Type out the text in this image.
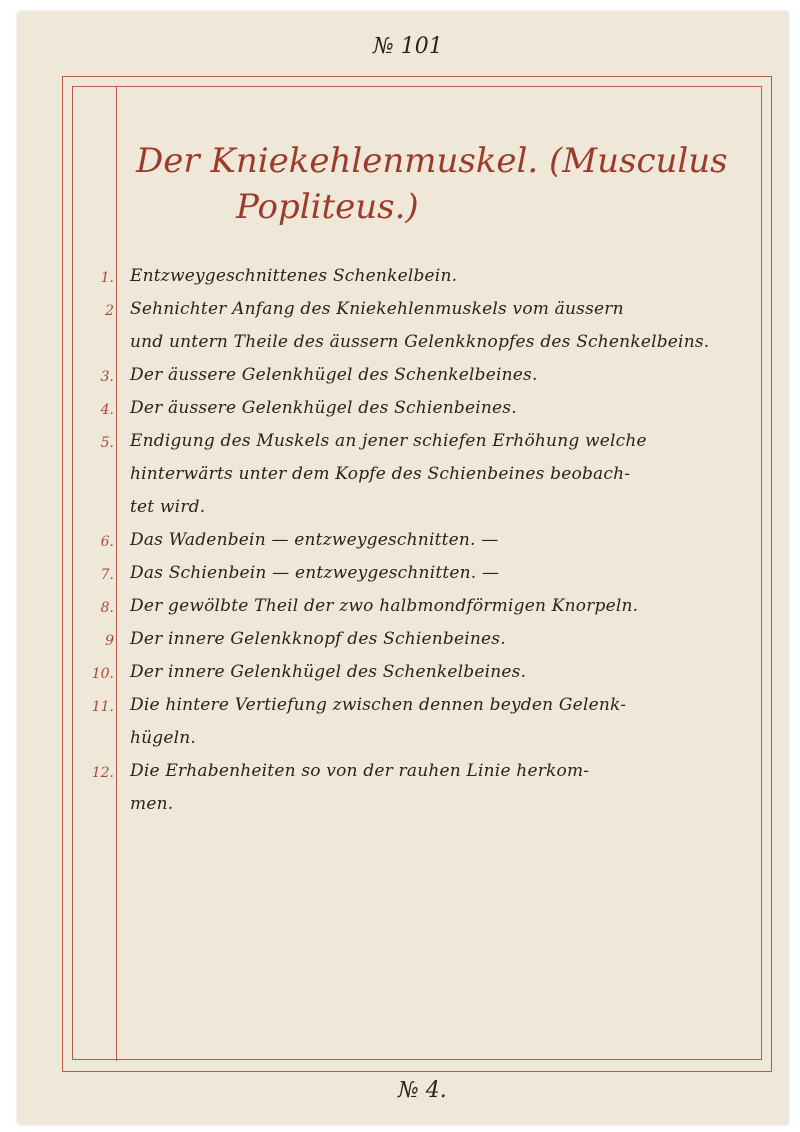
№ 101
Der Kniekehlenmuskel. (Musculus
Popliteus.)
1. Entzweygeschnittenes Schenkelbein.
2 Sehnichter Anfang des Kniekehlenmuskels vom äussern
und untern Theile des äussern Gelenkknopfes des Schenkelbeins.
3. Der äussere Gelenkhügel des Schenkelbeines.
4. Der äussere Gelenkhügel des Schienbeines.
5. Endigung des Muskels an jener schiefen Erhöhung welche
hinterwärts unter dem Kopfe des Schienbeines beobach-
tet wird.
6. Das Wadenbein — entzweygeschnitten. —
7. Das Schienbein — entzweygeschnitten. —
8. Der gewölbte Theil der zwo halbmondförmigen Knorpeln.
9 Der innere Gelenkknopf des Schienbeines.
10. Der innere Gelenkhügel des Schenkelbeines.
11. Die hintere Vertiefung zwischen dennen beyden Gelenk-
hügeln.
12. Die Erhabenheiten so von der rauhen Linie herkom-
men.
№ 4.
